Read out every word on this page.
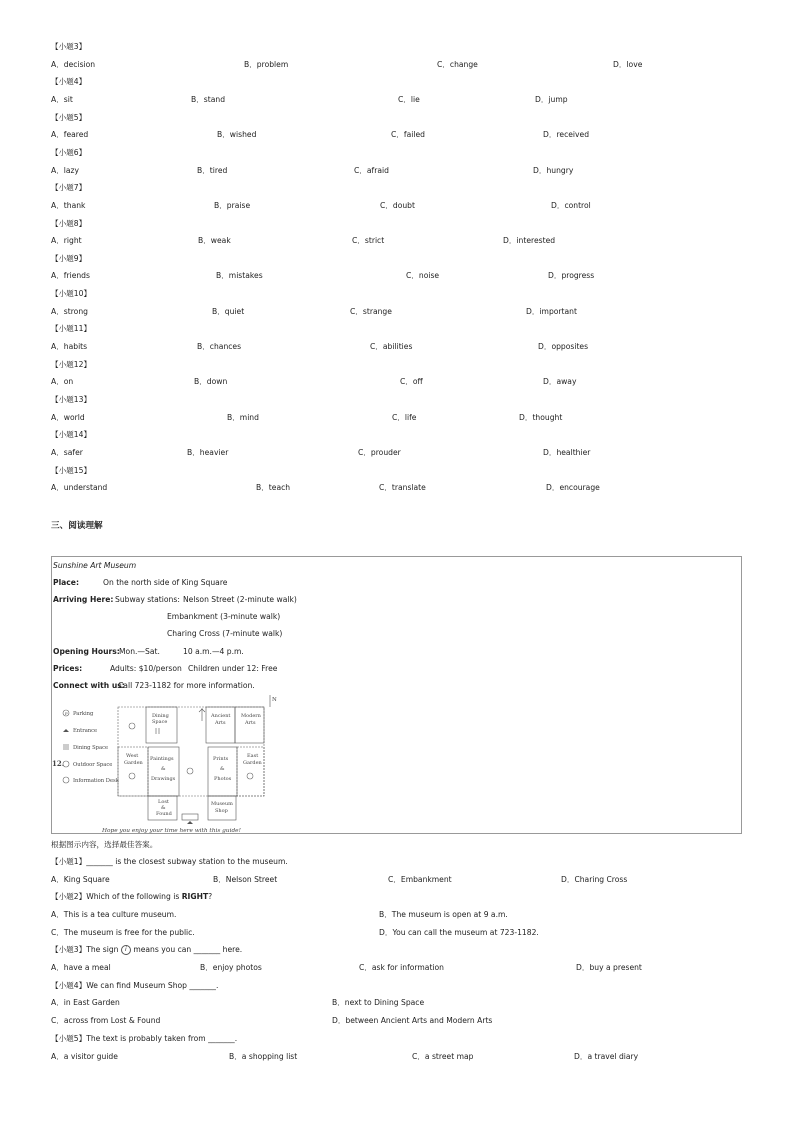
【小题3】
A．decision	B．problem	C．change	D．love
【小题4】
A．sit	B．stand	C．lie	D．jump
【小题5】
A．feared	B．wished	C．failed	D．received
【小题6】
A．lazy	B．tired	C．afraid	D．hungry
【小题7】
A．thank	B．praise	C．doubt	D．control
【小题8】
A．right	B．weak	C．strict	D．interested
【小题9】
A．friends	B．mistakes	C．noise	D．progress
【小题10】
A．strong	B．quiet	C．strange	D．important
【小题11】
A．habits	B．chances	C．abilities	D．opposites
【小题12】
A．on	B．down	C．off	D．away
【小题13】
A．world	B．mind	C．life	D．thought
【小题14】
A．safer	B．heavier	C．prouder	D．healthier
【小题15】
A．understand	B．teach	C．translate	D．encourage
三、阅读理解
Sunshine Art Museum
Place:	On the north side of King Square
Arriving Here: Subway stations: Nelson Street (2-minute walk)
Embankment (3-minute walk)
Charing Cross (7-minute walk)
Opening Hours: Mon.—Sat.	10 a.m.—4 p.m.
Prices:	Adults: $10/person Children under 12: Free
Connect with us:
Call 723-1182 for more information.
P Parking
Entrance
Dining Space
12. Outdoor Space
Information Desk
N
Dining
Space
Ancient
Arts
Modern
Arts
West
Garden
Paintings
&
Drawings
Prints
&
Photos
East
Garden
Lost
&
Found
Museum
Shop
Hope you enjoy your time here with this guide!
根据图示内容，选择最佳答案。
【小题1】_______ is the closest subway station to the museum.
A．King Square	B．Nelson Street	C．Embankment	D．Charing Cross
【小题2】Which of the following is RIGHT?
A．This is a tea culture museum.	B．The museum is open at 9 a.m.
C．The museum is free for the public.	D．You can call the museum at 723-1182.
【小题3】The sign i means you can _______ here.
A．have a meal	B．enjoy photos	C．ask for information	D．buy a present
【小题4】We can find Museum Shop _______.
A．in East Garden	B．next to Dining Space
C．across from Lost & Found	D．between Ancient Arts and Modern Arts
【小题5】The text is probably taken from _______.
A．a visitor guide	B．a shopping list	C．a street map	D．a travel diary
